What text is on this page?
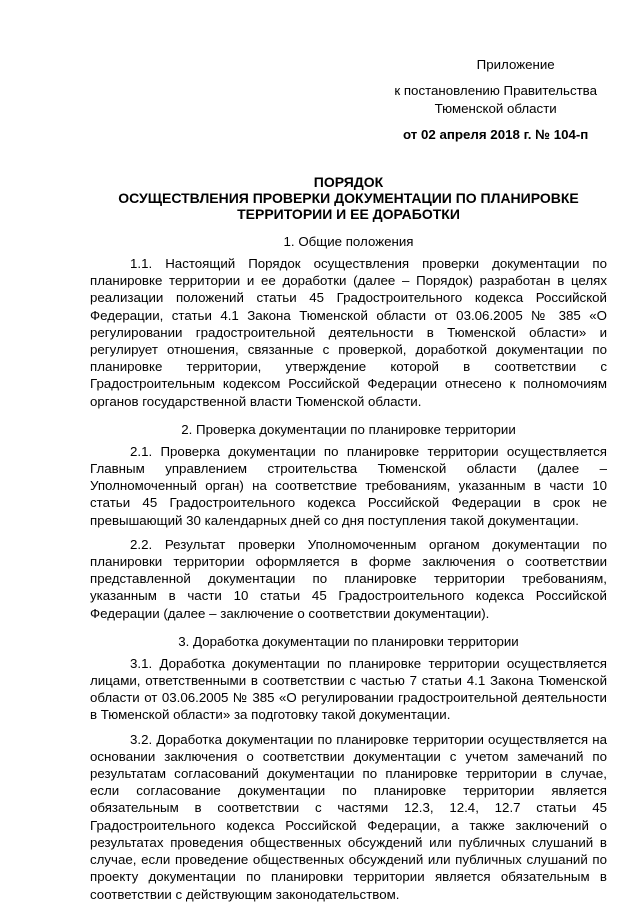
Приложение
к постановлению Правительства
Тюменской области
от 02 апреля 2018 г. № 104-п
ПОРЯДОК
ОСУЩЕСТВЛЕНИЯ ПРОВЕРКИ ДОКУМЕНТАЦИИ ПО ПЛАНИРОВКЕ
ТЕРРИТОРИИ И ЕЕ ДОРАБОТКИ
1. Общие положения

1.1. Настоящий Порядок осуществления проверки документации по планировке территории и ее доработки (далее – Порядок) разработан в целях реализации положений статьи 45 Градостроительного кодекса Российской Федерации, статьи 4.1 Закона Тюменской области от 03.06.2005 № 385 «О регулировании градостроительной деятельности в Тюменской области» и регулирует отношения, связанные с проверкой, доработкой документации по планировке территории, утверждение которой в соответствии с Градостроительным кодексом Российской Федерации отнесено к полномочиям органов государственной власти Тюменской области.

2. Проверка документации по планировке территории

2.1. Проверка документации по планировке территории осуществляется Главным управлением строительства Тюменской области (далее – Уполномоченный орган) на соответствие требованиям, указанным в части 10 статьи 45 Градостроительного кодекса Российской Федерации в срок не превышающий 30 календарных дней со дня поступления такой документации.

2.2. Результат проверки Уполномоченным органом документации по планировки территории оформляется в форме заключения о соответствии представленной документации по планировке территории требованиям, указанным в части 10 статьи 45 Градостроительного кодекса Российской Федерации (далее – заключение о соответствии документации).

3. Доработка документации по планировки территории

3.1. Доработка документации по планировке территории осуществляется лицами, ответственными в соответствии с частью 7 статьи 4.1 Закона Тюменской области от 03.06.2005 № 385 «О регулировании градостроительной деятельности в Тюменской области» за подготовку такой документации.

3.2. Доработка документации по планировке территории осуществляется на основании заключения о соответствии документации с учетом замечаний по результатам согласований документации по планировке территории в случае, если согласование документации по планировке территории является обязательным в соответствии с частями 12.3, 12.4, 12.7 статьи 45 Градостроительного кодекса Российской Федерации, а также заключений о результатах проведения общественных обсуждений или публичных слушаний в случае, если проведение общественных обсуждений или публичных слушаний по проекту документации по планировки территории является обязательным в соответствии с действующим законодательством.
